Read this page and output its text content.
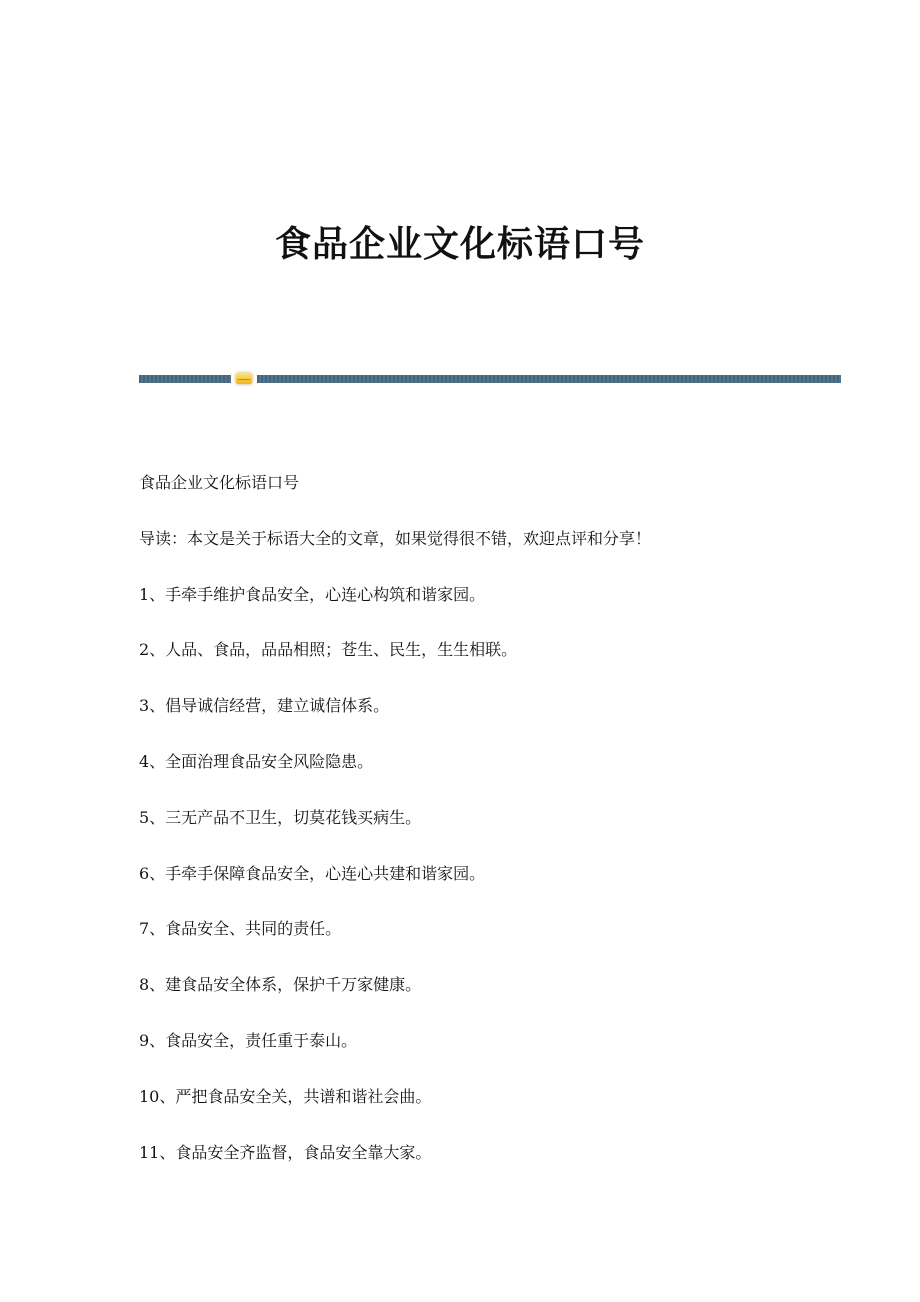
食品企业文化标语口号
食品企业文化标语口号
导读：本文是关于标语大全的文章，如果觉得很不错，欢迎点评和分享！
1、手牵手维护食品安全，心连心构筑和谐家园。
2、人品、食品，品品相照；苍生、民生，生生相联。
3、倡导诚信经营，建立诚信体系。
4、全面治理食品安全风险隐患。
5、三无产品不卫生，切莫花钱买病生。
6、手牵手保障食品安全，心连心共建和谐家园。
7、食品安全、共同的责任。
8、建食品安全体系，保护千万家健康。
9、食品安全，责任重于泰山。
10、严把食品安全关，共谱和谐社会曲。
11、食品安全齐监督，食品安全靠大家。
